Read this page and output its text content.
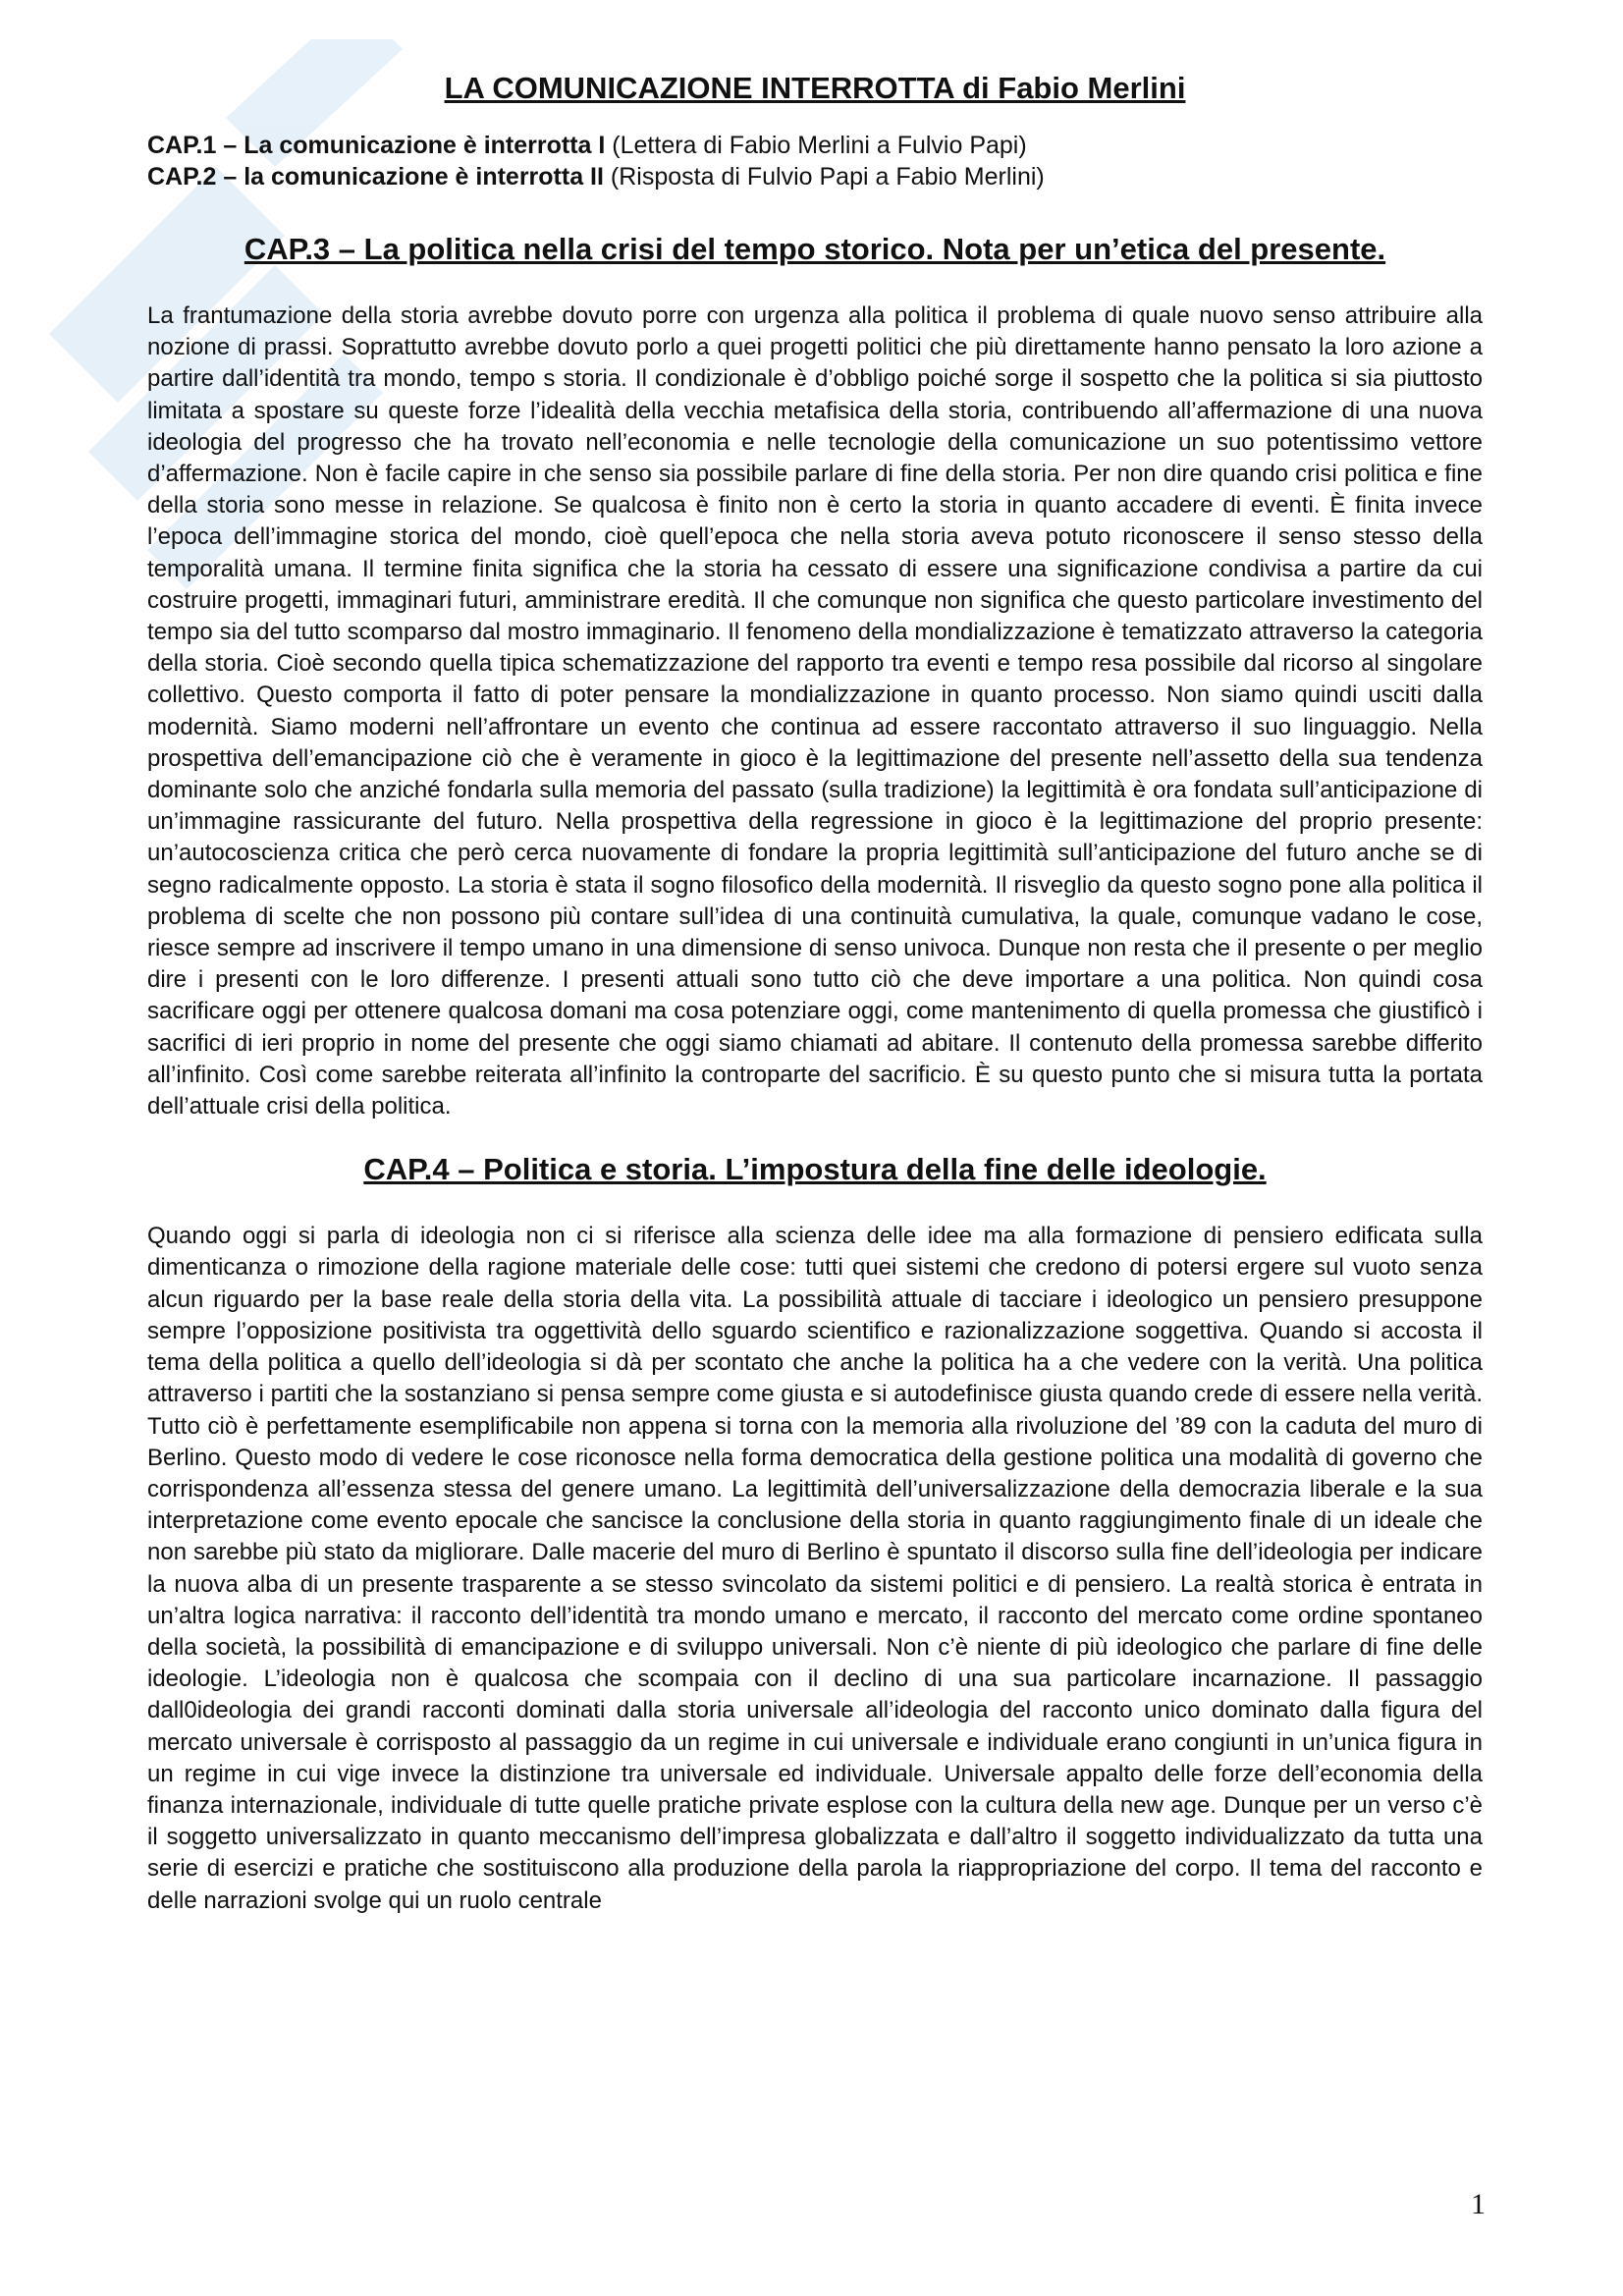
LA COMUNICAZIONE INTERROTTA di Fabio Merlini

CAP.1 – La comunicazione è interrotta I (Lettera di Fabio Merlini a Fulvio Papi)

CAP.2 – la comunicazione è interrotta II (Risposta di Fulvio Papi a Fabio Merlini)

CAP.3 – La politica nella crisi del tempo storico. Nota per un’etica del presente.

La frantumazione della storia avrebbe dovuto porre con urgenza alla politica il problema di quale nuovo senso attribuire alla nozione di prassi. Soprattutto avrebbe dovuto porlo a quei progetti politici che più direttamente hanno pensato la loro azione a partire dall’identità tra mondo, tempo s storia. Il condizionale è d’obbligo poiché sorge il sospetto che la politica si sia piuttosto limitata a spostare su queste forze l’idealità della vecchia metafisica della storia, contribuendo all’affermazione di una nuova ideologia del progresso che ha trovato nell’economia e nelle tecnologie della comunicazione un suo potentissimo vettore d’affermazione. Non è facile capire in che senso sia possibile parlare di fine della storia. Per non dire quando crisi politica e fine della storia sono messe in relazione. Se qualcosa è finito non è certo la storia in quanto accadere di eventi. È finita invece l’epoca dell’immagine storica del mondo, cioè quell’epoca che nella storia aveva potuto riconoscere il senso stesso della temporalità umana. Il termine finita significa che la storia ha cessato di essere una significazione condivisa a partire da cui costruire progetti, immaginari futuri, amministrare eredità. Il che comunque non significa che questo particolare investimento del tempo sia del tutto scomparso dal mostro immaginario. Il fenomeno della mondializzazione è tematizzato attraverso la categoria della storia. Cioè secondo quella tipica schematizzazione del rapporto tra eventi e tempo resa possibile dal ricorso al singolare collettivo. Questo comporta il fatto di poter pensare la mondializzazione in quanto processo. Non siamo quindi usciti dalla modernità. Siamo moderni nell’affrontare un evento che continua ad essere raccontato attraverso il suo linguaggio. Nella prospettiva dell’emancipazione ciò che è veramente in gioco è la legittimazione del presente nell’assetto della sua tendenza dominante solo che anziché fondarla sulla memoria del passato (sulla tradizione) la legittimità è ora fondata sull’anticipazione di un’immagine rassicurante del futuro. Nella prospettiva della regressione in gioco è la legittimazione del proprio presente: un’autocoscienza critica che però cerca nuovamente di fondare la propria legittimità sull’anticipazione del futuro anche se di segno radicalmente opposto. La storia è stata il sogno filosofico della modernità. Il risveglio da questo sogno pone alla politica il problema di scelte che non possono più contare sull’idea di una continuità cumulativa, la quale, comunque vadano le cose, riesce sempre ad inscrivere il tempo umano in una dimensione di senso univoca. Dunque non resta che il presente o per meglio dire i presenti con le loro differenze. I presenti attuali sono tutto ciò che deve importare a una politica. Non quindi cosa sacrificare oggi per ottenere qualcosa domani ma cosa potenziare oggi, come mantenimento di quella promessa che giustificò i sacrifici di ieri proprio in nome del presente che oggi siamo chiamati ad abitare. Il contenuto della promessa sarebbe differito all’infinito. Così come sarebbe reiterata all’infinito la controparte del sacrificio. È su questo punto che si misura tutta la portata dell’attuale crisi della politica.

CAP.4 – Politica e storia. L’impostura della fine delle ideologie.

Quando oggi si parla di ideologia non ci si riferisce alla scienza delle idee ma alla formazione di pensiero edificata sulla dimenticanza o rimozione della ragione materiale delle cose: tutti quei sistemi che credono di potersi ergere sul vuoto senza alcun riguardo per la base reale della storia della vita. La possibilità attuale di tacciare i ideologico un pensiero presuppone sempre l’opposizione positivista tra oggettività dello sguardo scientifico e razionalizzazione soggettiva. Quando si accosta il tema della politica a quello dell’ideologia si dà per scontato che anche la politica ha a che vedere con la verità. Una politica attraverso i partiti che la sostanziano si pensa sempre come giusta e si autodefinisce giusta quando crede di essere nella verità. Tutto ciò è perfettamente esemplificabile non appena si torna con la memoria alla rivoluzione del ’89 con la caduta del muro di Berlino. Questo modo di vedere le cose riconosce nella forma democratica della gestione politica una modalità di governo che corrispondenza all’essenza stessa del genere umano. La legittimità dell’universalizzazione della democrazia liberale e la sua interpretazione come evento epocale che sancisce la conclusione della storia in quanto raggiungimento finale di un ideale che non sarebbe più stato da migliorare. Dalle macerie del muro di Berlino è spuntato il discorso sulla fine dell’ideologia per indicare la nuova alba di un presente trasparente a se stesso svincolato da sistemi politici e di pensiero. La realtà storica è entrata in un’altra logica narrativa: il racconto dell’identità tra mondo umano e mercato, il racconto del mercato come ordine spontaneo della società, la possibilità di emancipazione e di sviluppo universali. Non c’è niente di più ideologico che parlare di fine delle ideologie. L’ideologia non è qualcosa che scompaia con il declino di una sua particolare incarnazione. Il passaggio dall0ideologia dei grandi racconti dominati dalla storia universale all’ideologia del racconto unico dominato dalla figura del mercato universale è corrisposto al passaggio da un regime in cui universale e individuale erano congiunti in un’unica figura in un regime in cui vige invece la distinzione tra universale ed individuale. Universale appalto delle forze dell’economia della finanza internazionale, individuale di tutte quelle pratiche private esplose con la cultura della new age. Dunque per un verso c’è il soggetto universalizzato in quanto meccanismo dell’impresa globalizzata e dall’altro il soggetto individualizzato da tutta una serie di esercizi e pratiche che sostituiscono alla produzione della parola la riappropriazione del corpo. Il tema del racconto e delle narrazioni svolge qui un ruolo centrale

1
